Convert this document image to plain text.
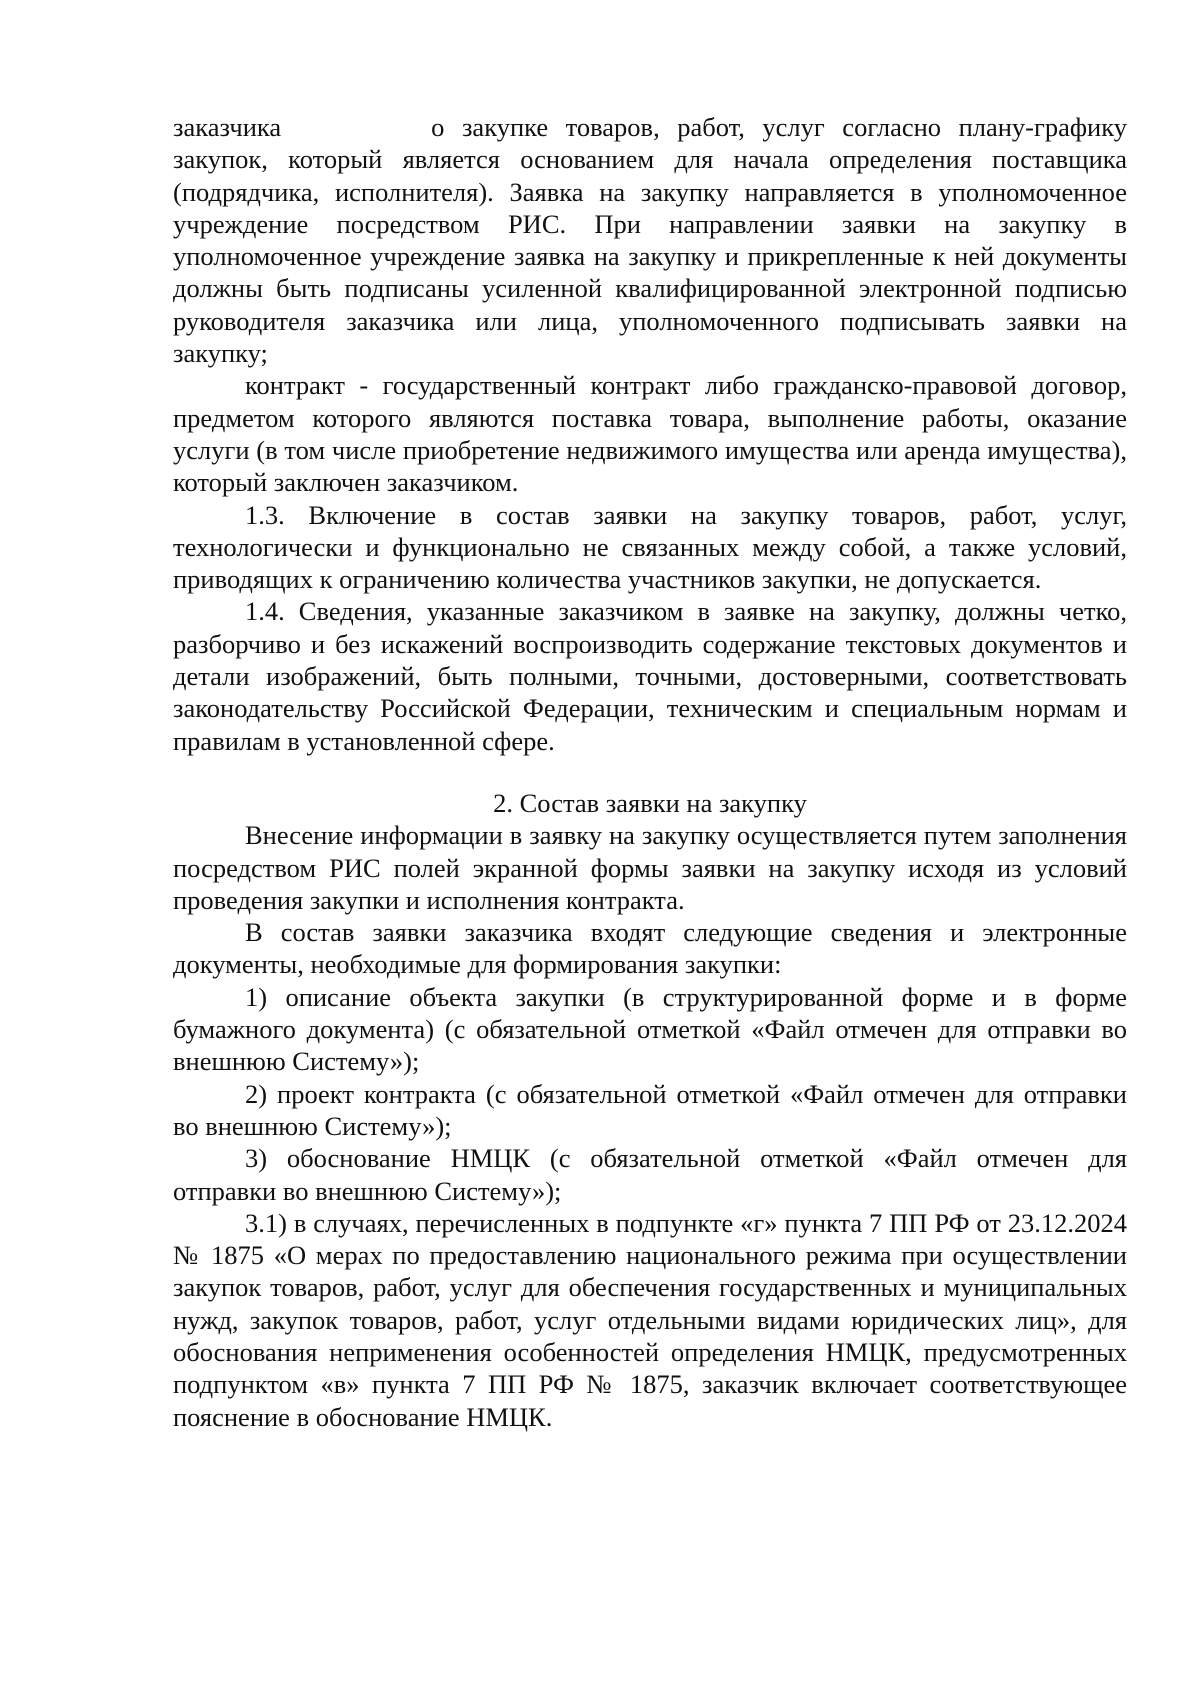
заказчика	о закупке товаров, работ, услуг согласно плану-графику закупок, который является основанием для начала определения поставщика (подрядчика, исполнителя). Заявка на закупку направляется в уполномоченное учреждение посредством РИС. При направлении заявки на закупку в уполномоченное учреждение заявка на закупку и прикрепленные к ней документы должны быть подписаны усиленной квалифицированной электронной подписью руководителя заказчика или лица, уполномоченного подписывать заявки на закупку;

контракт - государственный контракт либо гражданско-правовой договор, предметом которого являются поставка товара, выполнение работы, оказание услуги (в том числе приобретение недвижимого имущества или аренда имущества), который заключен заказчиком.

1.3. Включение в состав заявки на закупку товаров, работ, услуг, технологически и функционально не связанных между собой, а также условий, приводящих к ограничению количества участников закупки, не допускается.

1.4. Сведения, указанные заказчиком в заявке на закупку, должны четко, разборчиво и без искажений воспроизводить содержание текстовых документов и детали изображений, быть полными, точными, достоверными, соответствовать законодательству Российской Федерации, техническим и специальным нормам и правилам в установленной сфере.

2. Состав заявки на закупку

Внесение информации в заявку на закупку осуществляется путем заполнения посредством РИС полей экранной формы заявки на закупку исходя из условий проведения закупки и исполнения контракта.

В состав заявки заказчика входят следующие сведения и электронные документы, необходимые для формирования закупки:

1) описание объекта закупки (в структурированной форме и в форме бумажного документа) (с обязательной отметкой «Файл отмечен для отправки во внешнюю Систему»);

2) проект контракта (с обязательной отметкой «Файл отмечен для отправки во внешнюю Систему»);

3) обоснование НМЦК (с обязательной отметкой «Файл отмечен для отправки во внешнюю Систему»);

3.1) в случаях, перечисленных в подпункте «г» пункта 7 ПП РФ от 23.12.2024 № 1875 «О мерах по предоставлению национального режима при осуществлении закупок товаров, работ, услуг для обеспечения государственных и муниципальных нужд, закупок товаров, работ, услуг отдельными видами юридических лиц», для обоснования неприменения особенностей определения НМЦК, предусмотренных подпунктом «в» пункта 7 ПП РФ № 1875, заказчик включает соответствующее пояснение в обоснование НМЦК.
